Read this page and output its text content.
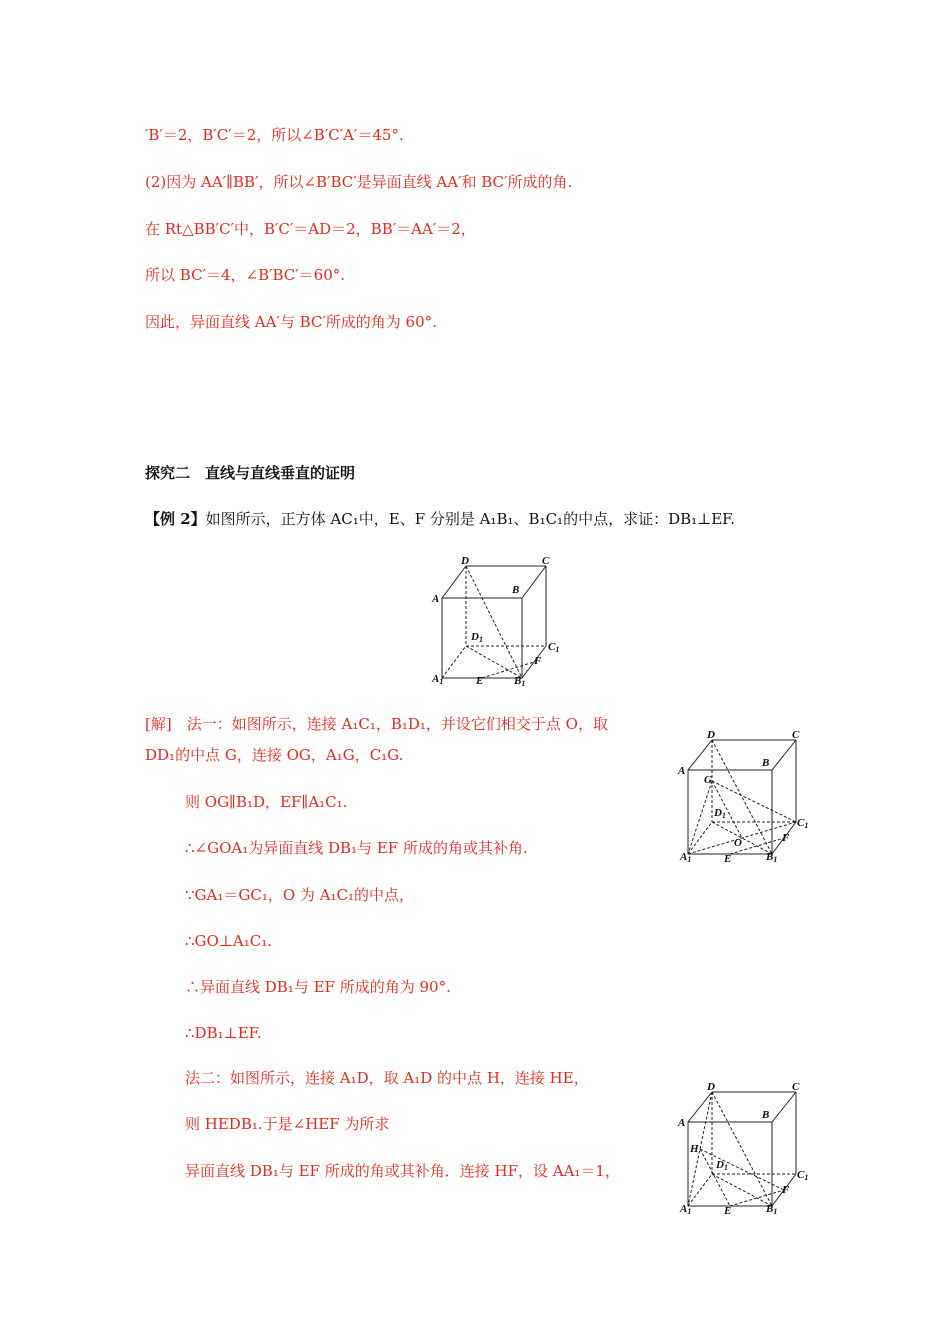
′B′＝2，B′C′＝2，所以∠B′C′A′＝45°.
(2)因为 AA′∥BB′，所以∠B′BC′是异面直线 AA′和 BC′所成的角.
在 Rt△BB′C′中，B′C′＝AD＝2，BB′＝AA′＝2，
所以 BC′＝4，∠B′BC′＝60°.
因此，异面直线 AA′与 BC′所成的角为 60°.
探究二　直线与直线垂直的证明
【例 2】如图所示，正方体 AC₁中，E、F 分别是 A₁B₁、B₁C₁的中点，求证：DB₁⊥EF.
D	C
A
B
D1
C1
A1	E	B1
F
[解]　 法一：如图所示，连接 A₁C₁，B₁D₁，并设它们相交于点 O，取
DD₁的中点 G，连接 OG，A₁G，C₁G.
则 OG∥B₁D，EF∥A₁C₁.
∴∠GOA₁为异面直线 DB₁与 EF 所成的角或其补角.
∵GA₁＝GC₁，O 为 A₁C₁的中点，
∴GO⊥A₁C₁.
∴异面直线 DB₁与 EF 所成的角为 90°.
∴DB₁⊥EF.
D	C
A
B
G
D1
O
C1
F
A1	E	B1
法二：如图所示，连接 A₁D，取 A₁D 的中点 H，连接 HE，
则 HEDB₁.于是∠HEF 为所求
异面直线 DB₁与 EF 所成的角或其补角．连接 HF，设 AA₁＝1，
D	C
A
B
H
D1
C1
F
A1	E	B1
